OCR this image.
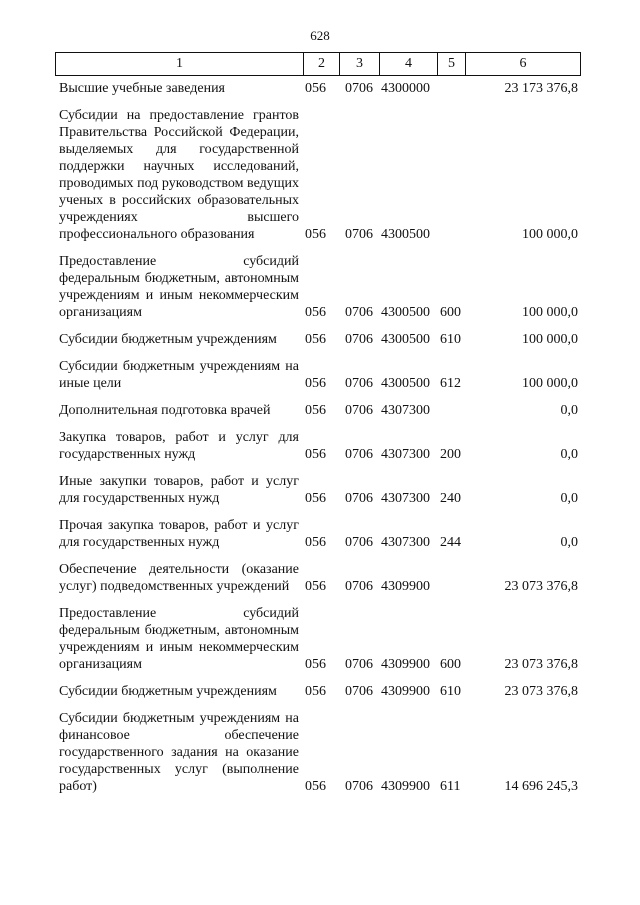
628
1	2	3	4	5	6
Высшие учебные заведения	056	0706	4300000		23 173 376,8

Субсидии на предоставление грантов Правительства Российской Федерации, выделяемых для государственной поддержки научных исследований, проводимых под руководством ведущих ученых в российских образовательных учреждениях высшего профессионального образования	056	0706	4300500		100 000,0

Предоставление субсидий федеральным бюджетным, автономным учреждениям и иным некоммерческим организациям	056	0706	4300500	600	100 000,0

Субсидии бюджетным учреждениям	056	0706	4300500	610	100 000,0

Субсидии бюджетным учреждениям на иные цели	056	0706	4300500	612	100 000,0

Дополнительная подготовка врачей	056	0706	4307300		0,0

Закупка товаров, работ и услуг для государственных нужд	056	0706	4307300	200	0,0

Иные закупки товаров, работ и услуг для государственных нужд	056	0706	4307300	240	0,0

Прочая закупка товаров, работ и услуг для государственных нужд	056	0706	4307300	244	0,0

Обеспечение деятельности (оказание услуг) подведомственных учреждений	056	0706	4309900		23 073 376,8

Предоставление субсидий федеральным бюджетным, автономным учреждениям и иным некоммерческим организациям	056	0706	4309900	600	23 073 376,8

Субсидии бюджетным учреждениям	056	0706	4309900	610	23 073 376,8

Субсидии бюджетным учреждениям на финансовое обеспечение государственного задания на оказание государственных услуг (выполнение работ)	056	0706	4309900	611	14 696 245,3
